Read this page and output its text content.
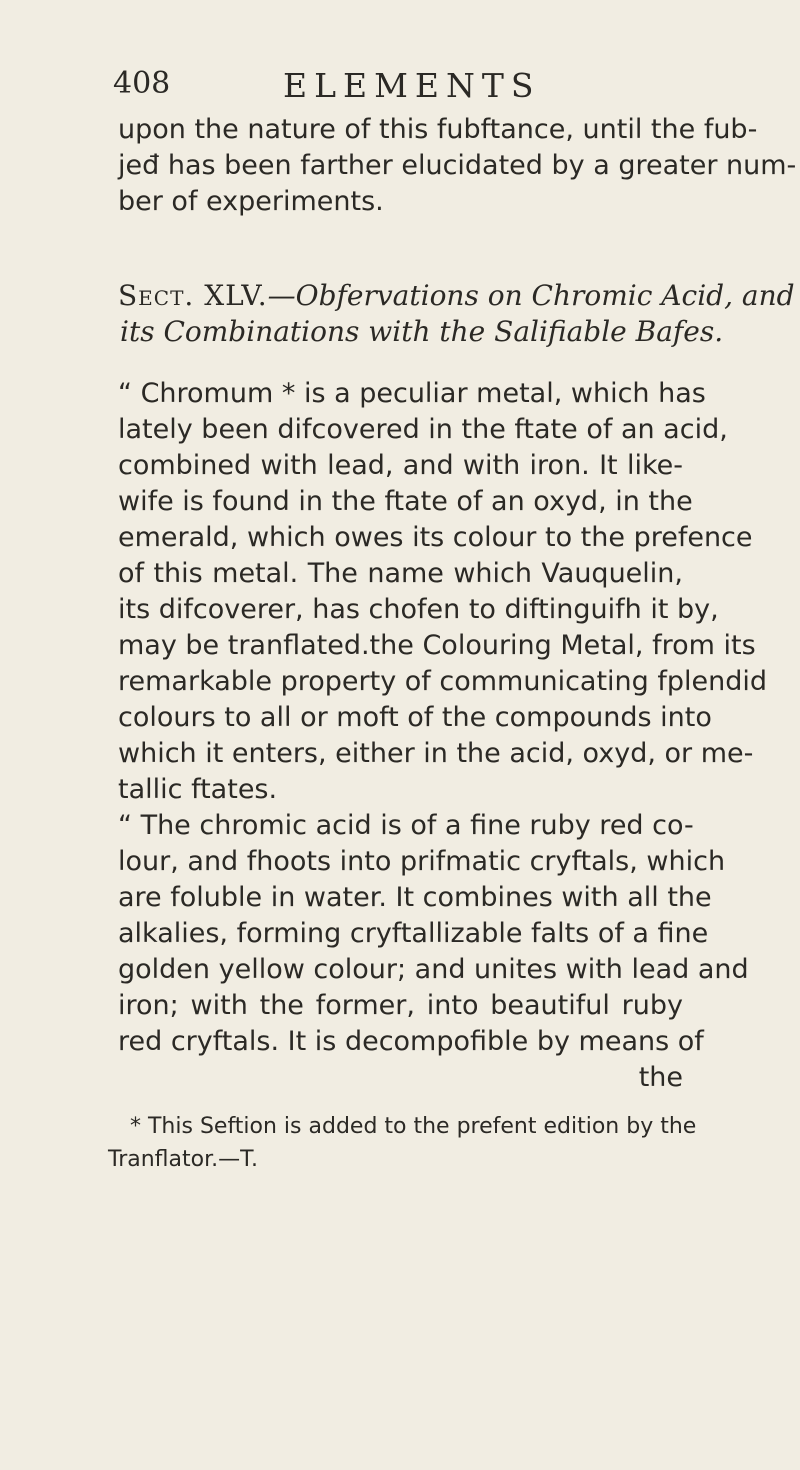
408	ELEMENTS
upon the nature of this fubftance, until the fub-
jeđ has been farther elucidated by a greater num-
ber of experiments.
Sect. XLV.—Obfervations on Chromic Acid, and
its Combinations with the Salifiable Bafes.
“ Chromum * is a peculiar metal, which has
lately been difcovered in the ftate of an acid,
combined with lead, and with iron. It like-
wife is found in the ftate of an oxyd, in the
emerald, which owes its colour to the prefence
of this metal. The name which Vauquelin,
its difcoverer, has chofen to diftinguifh it by,
may be tranflated.the Colouring Metal, from its
remarkable property of communicating fplendid
colours to all or moft of the compounds into
which it enters, either in the acid, oxyd, or me-
tallic ftates.
“ The chromic acid is of a fine ruby red co-
lour, and fhoots into prifmatic cryftals, which
are foluble in water. It combines with all the
alkalies, forming cryftallizable falts of a fine
golden yellow colour; and unites with lead and
iron; with the former, into beautiful ruby
red cryftals. It is decompofible by means of
the
* This Seftion is added to the prefent edition by the
Tranflator.—T.
